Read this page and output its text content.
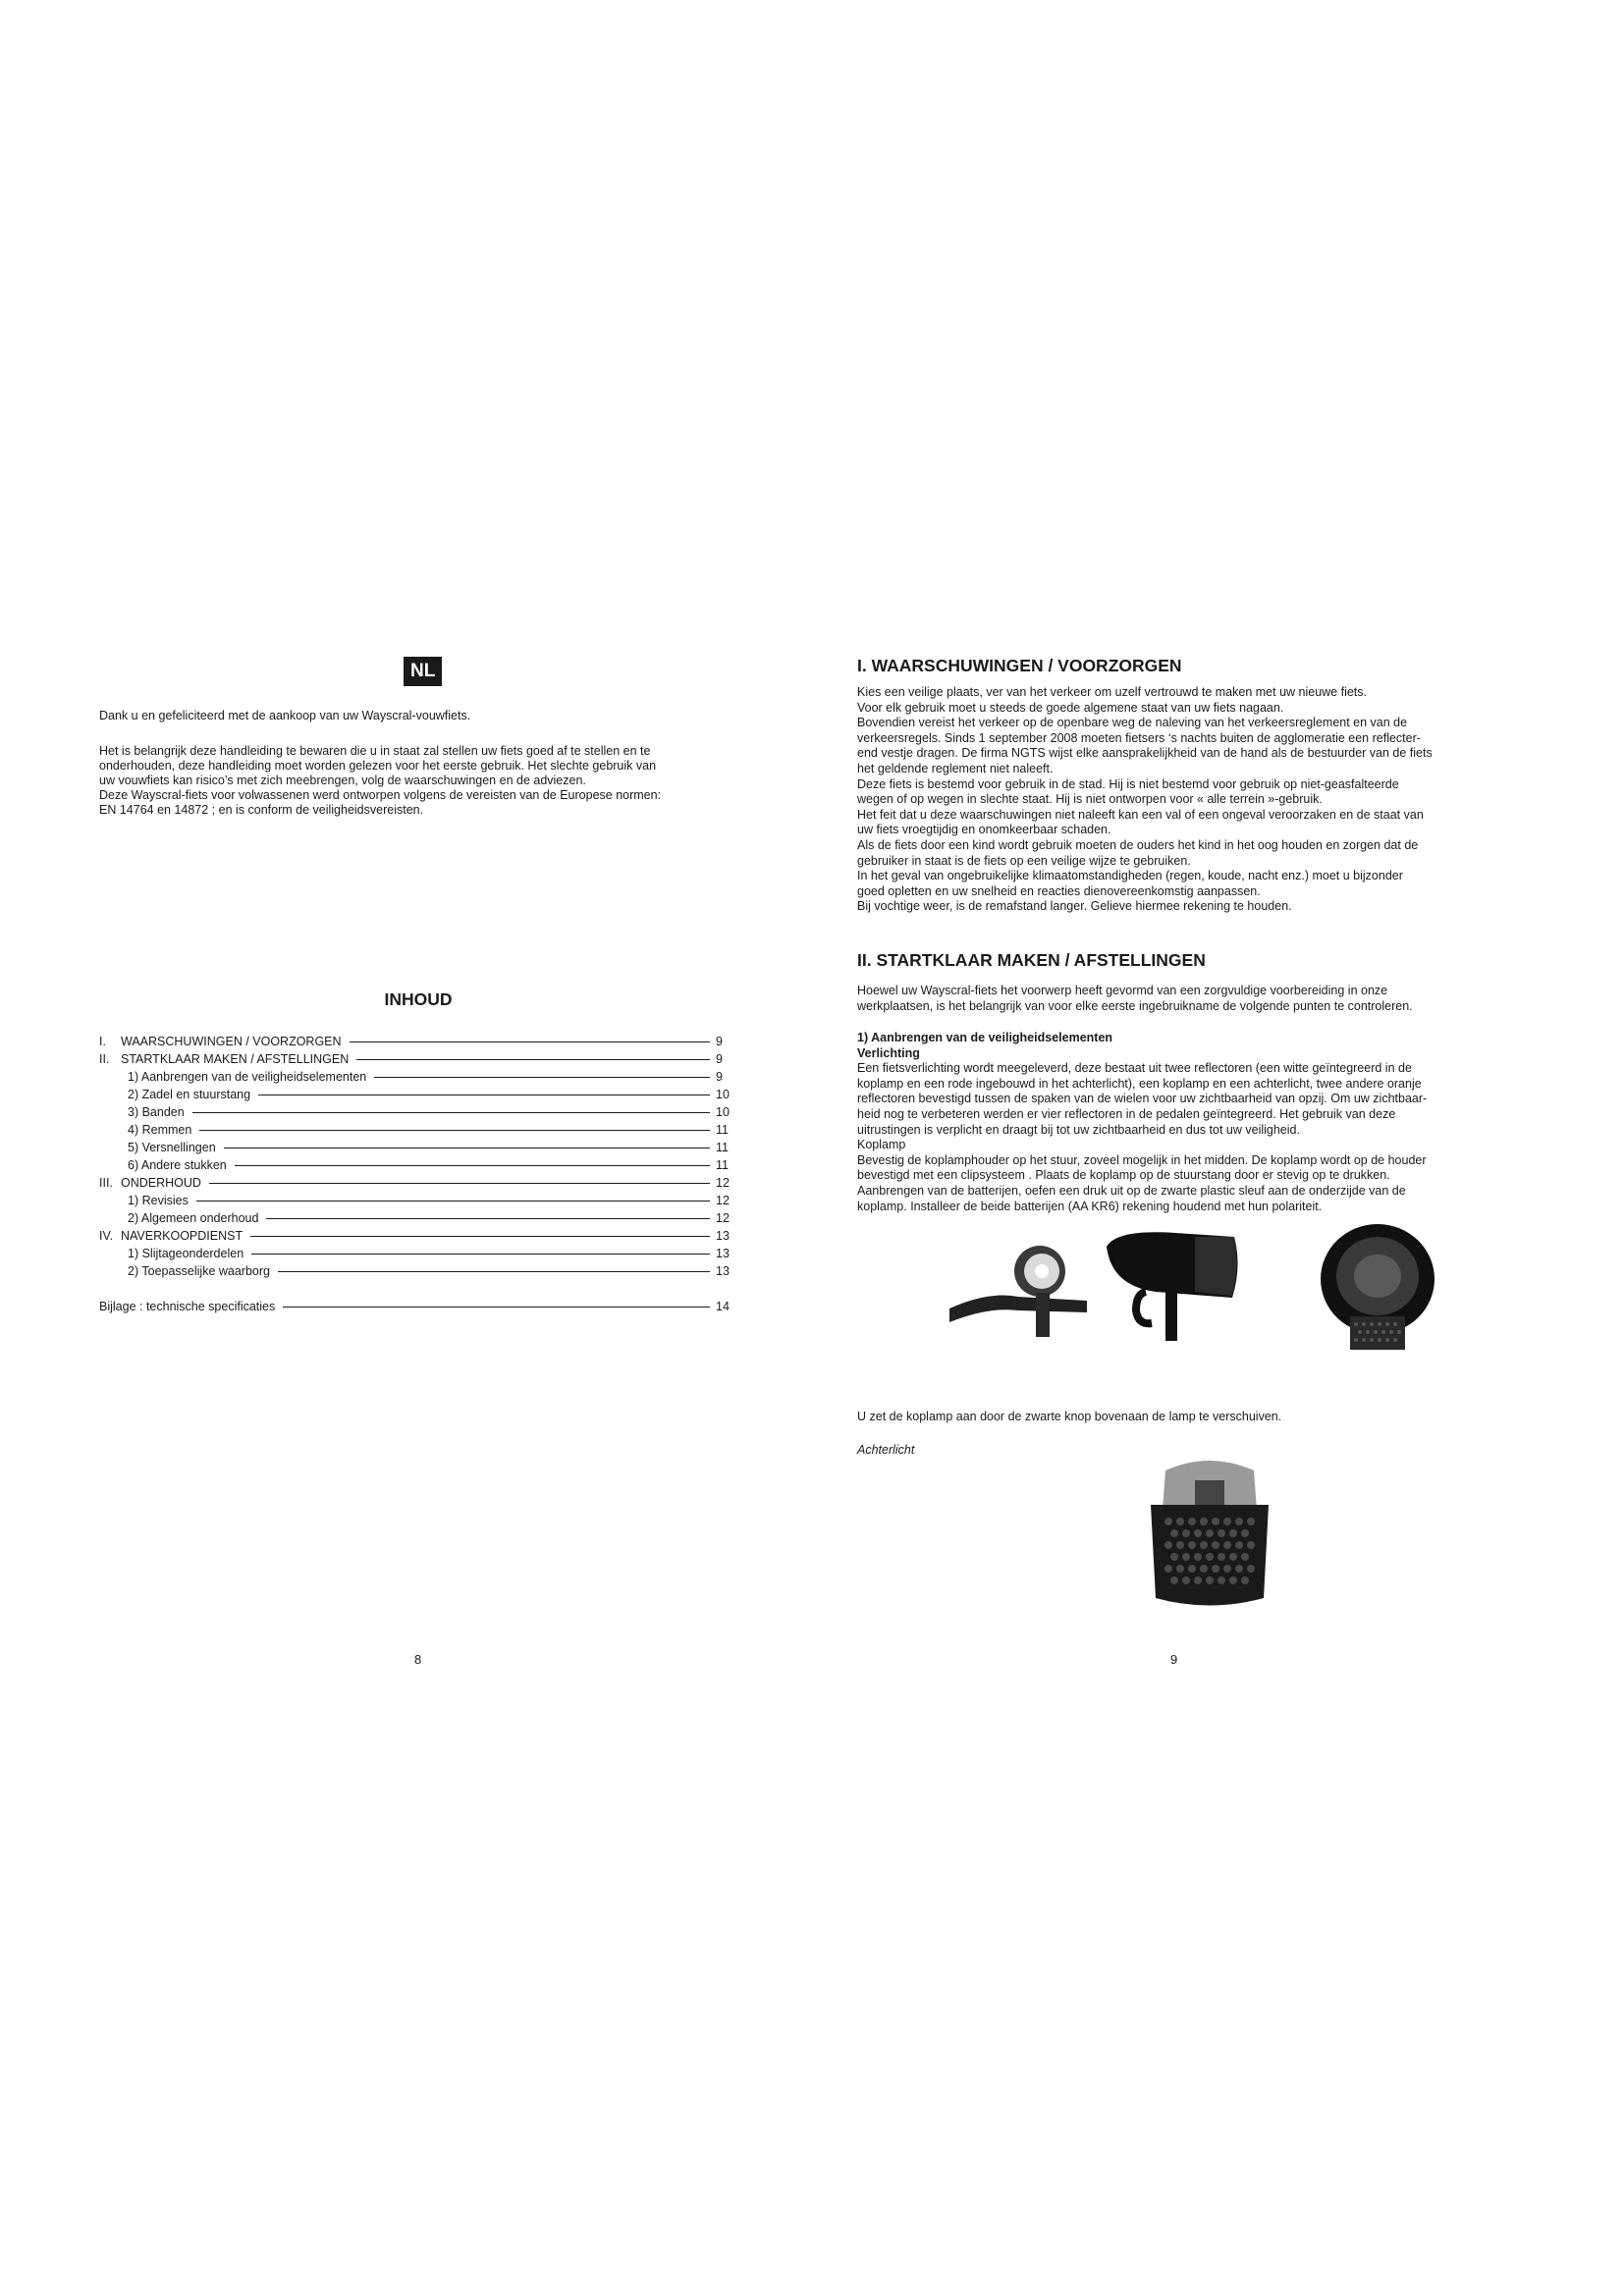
NL

Dank u en gefeliciteerd met de aankoop van uw Wayscral-vouwfiets.

Het is belangrijk deze handleiding te bewaren die u in staat zal stellen uw fiets goed af te stellen en te

onderhouden, deze handleiding moet worden gelezen voor het eerste gebruik. Het slechte gebruik van

uw vouwfiets kan risico’s met zich meebrengen, volg de waarschuwingen en de adviezen.

Deze Wayscral-fiets voor volwassenen werd ontworpen volgens de vereisten van de Europese normen:

EN 14764 en 14872 ; en is conform de veiligheidsvereisten.

INHOUD
I. WAARSCHUWINGEN / VOORZORGEN	9
II. STARTKLAAR MAKEN / AFSTELLINGEN	9
1) Aanbrengen van de veiligheidselementen	9
2) Zadel en stuurstang	10
3) Banden	10
4) Remmen	11
5) Versnellingen	11
6) Andere stukken	11
III. ONDERHOUD	12
1) Revisies	12
2) Algemeen onderhoud	12
IV. NAVERKOOPDIENST	13
1) Slijtageonderdelen	13
2) Toepasselijke waarborg	13
Bijlage : technische specificaties	14
8
I. WAARSCHUWINGEN / VOORZORGEN

Kies een veilige plaats, ver van het verkeer om uzelf vertrouwd te maken met uw nieuwe fiets.

Voor elk gebruik moet u steeds de goede algemene staat van uw fiets nagaan.

Bovendien vereist het verkeer op de openbare weg de naleving van het verkeersreglement en van de

verkeersregels. Sinds 1 september 2008 moeten fietsers ‘s nachts buiten de agglomeratie een reflecter-

end vestje dragen. De firma NGTS wijst elke aansprakelijkheid van de hand als de bestuurder van de fiets

het geldende reglement niet naleeft.

Deze fiets is bestemd voor gebruik in de stad. Hij is niet bestemd voor gebruik op niet-geasfalteerde

wegen of op wegen in slechte staat. Hij is niet ontworpen voor « alle terrein »-gebruik.

Het feit dat u deze waarschuwingen niet naleeft kan een val of een ongeval veroorzaken en de staat van

uw fiets vroegtijdig en onomkeerbaar schaden.

Als de fiets door een kind wordt gebruik moeten de ouders het kind in het oog houden en zorgen dat de

gebruiker in staat is de fiets op een veilige wijze te gebruiken.

In het geval van ongebruikelijke klimaatomstandigheden (regen, koude, nacht enz.) moet u bijzonder

goed opletten en uw snelheid en reacties dienovereenkomstig aanpassen.

Bij vochtige weer, is de remafstand langer. Gelieve hiermee rekening te houden.

II. STARTKLAAR MAKEN / AFSTELLINGEN

Hoewel uw Wayscral-fiets het voorwerp heeft gevormd van een zorgvuldige voorbereiding in onze

werkplaatsen, is het belangrijk van voor elke eerste ingebruikname de volgende punten te controleren.

1) Aanbrengen van de veiligheidselementen

Verlichting

Een fietsverlichting wordt meegeleverd, deze bestaat uit twee reflectoren (een witte geïntegreerd in de

koplamp en een rode ingebouwd in het achterlicht), een koplamp en een achterlicht, twee andere oranje

reflectoren bevestigd tussen de spaken van de wielen voor uw zichtbaarheid van opzij. Om uw zichtbaar-

heid nog te verbeteren werden er vier reflectoren in de pedalen geïntegreerd. Het gebruik van deze

uitrustingen is verplicht en draagt bij tot uw zichtbaarheid en dus tot uw veiligheid.

Koplamp

Bevestig de koplamphouder op het stuur, zoveel mogelijk in het midden. De koplamp wordt op de houder

bevestigd met een clipsysteem . Plaats de koplamp op de stuurstang door er stevig op te drukken.

Aanbrengen van de batterijen, oefen een druk uit op de zwarte plastic sleuf aan de onderzijde van de

koplamp. Installeer de beide batterijen (AA KR6) rekening houdend met hun polariteit.

U zet de koplamp aan door de zwarte knop bovenaan de lamp te verschuiven.
Achterlicht
9
